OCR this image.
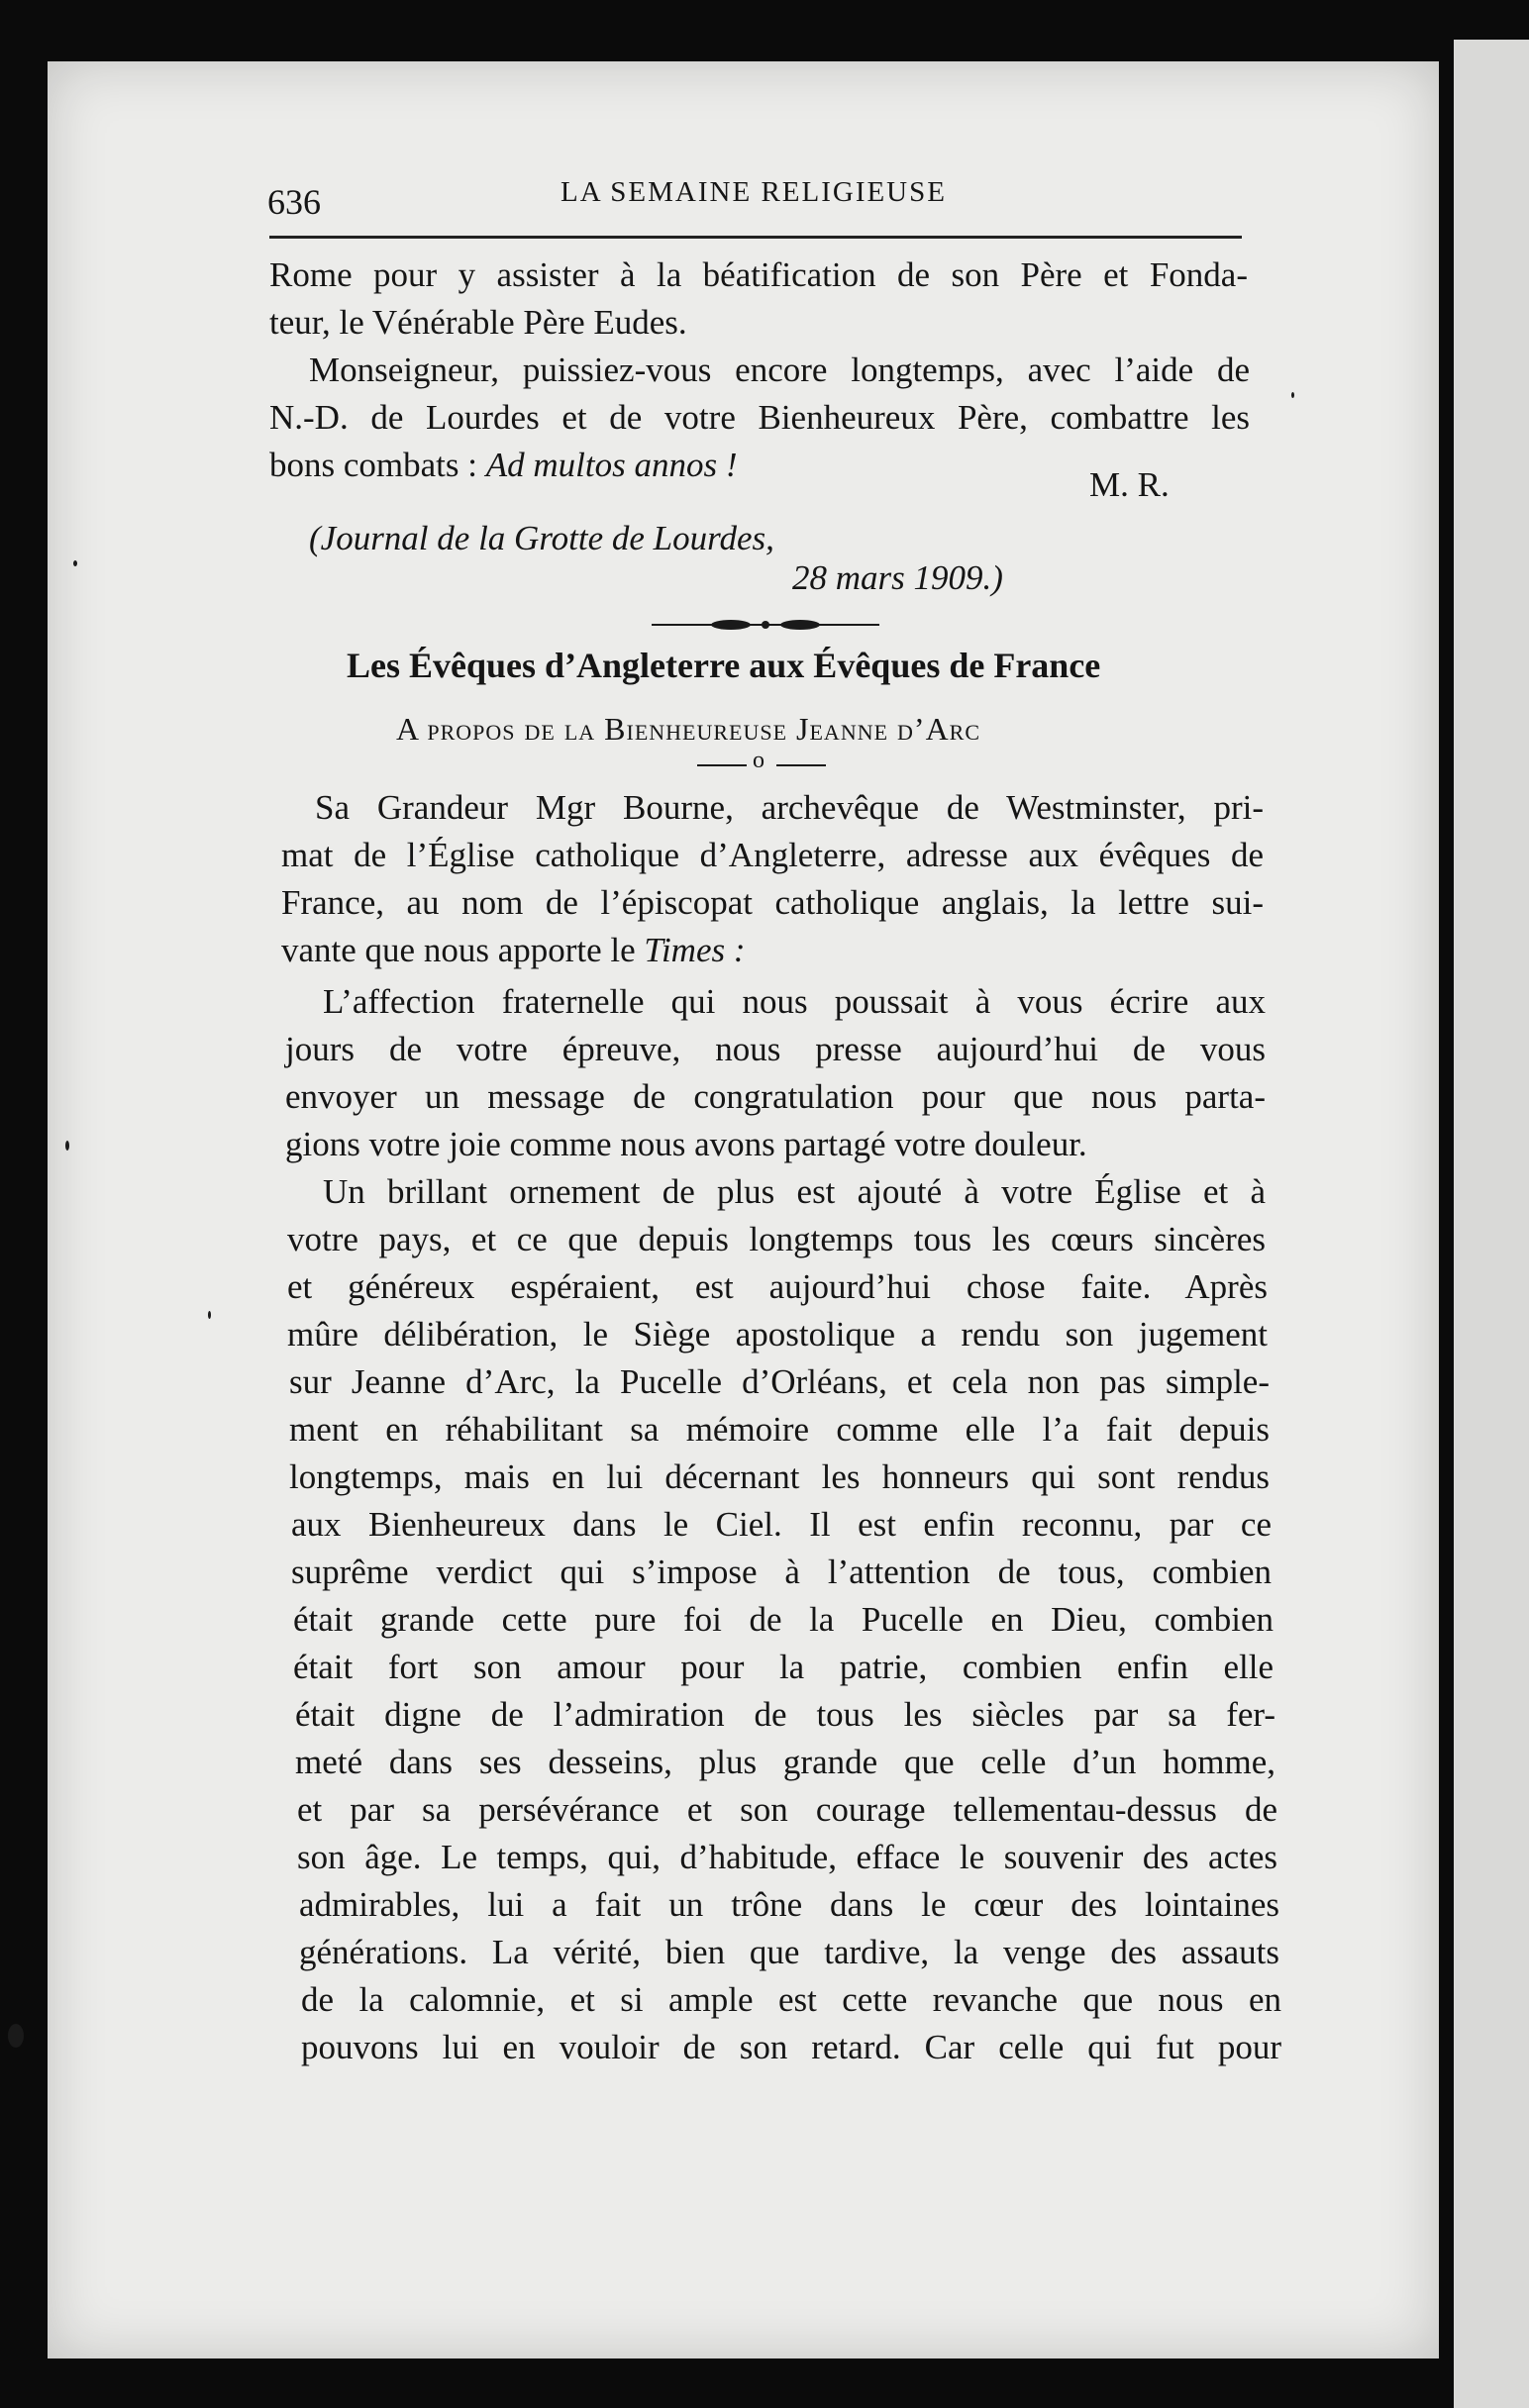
636	LA SEMAINE RELIGIEUSE
Rome pour y assister à la béatification de son Père et Fonda-
teur, le Vénérable Père Eudes.
Monseigneur, puissiez-vous encore longtemps, avec l’aide de
N.-D. de Lourdes et de votre Bienheureux Père, combattre les
bons combats : Ad multos annos !
M. R.
(Journal de la Grotte de Lourdes,
28 mars 1909.)
Les Évêques d’Angleterre aux Évêques de France
A propos de la Bienheureuse Jeanne d’Arc
o
Sa Grandeur Mgr Bourne, archevêque de Westminster, pri-
mat de l’Église catholique d’Angleterre, adresse aux évêques de
France, au nom de l’épiscopat catholique anglais, la lettre sui-
vante que nous apporte le Times :
L’affection fraternelle qui nous poussait à vous écrire aux
jours de votre épreuve, nous presse aujourd’hui de vous
envoyer un message de congratulation pour que nous parta-
gions votre joie comme nous avons partagé votre douleur.
Un brillant ornement de plus est ajouté à votre Église et à
votre pays, et ce que depuis longtemps tous les cœurs sincères
et généreux espéraient, est aujourd’hui chose faite. Après
mûre délibération, le Siège apostolique a rendu son jugement
sur Jeanne d’Arc, la Pucelle d’Orléans, et cela non pas simple-
ment en réhabilitant sa mémoire comme elle l’a fait depuis
longtemps, mais en lui décernant les honneurs qui sont rendus
aux Bienheureux dans le Ciel. Il est enfin reconnu, par ce
suprême verdict qui s’impose à l’attention de tous, combien
était grande cette pure foi de la Pucelle en Dieu, combien
était fort son amour pour la patrie, combien enfin elle
était digne de l’admiration de tous les siècles par sa fer-
meté dans ses desseins, plus grande que celle d’un homme,
et par sa persévérance et son courage tellementau-dessus de
son âge. Le temps, qui, d’habitude, efface le souvenir des actes
admirables, lui a fait un trône dans le cœur des lointaines
générations. La vérité, bien que tardive, la venge des assauts
de la calomnie, et si ample est cette revanche que nous en
pouvons lui en vouloir de son retard. Car celle qui fut pour
